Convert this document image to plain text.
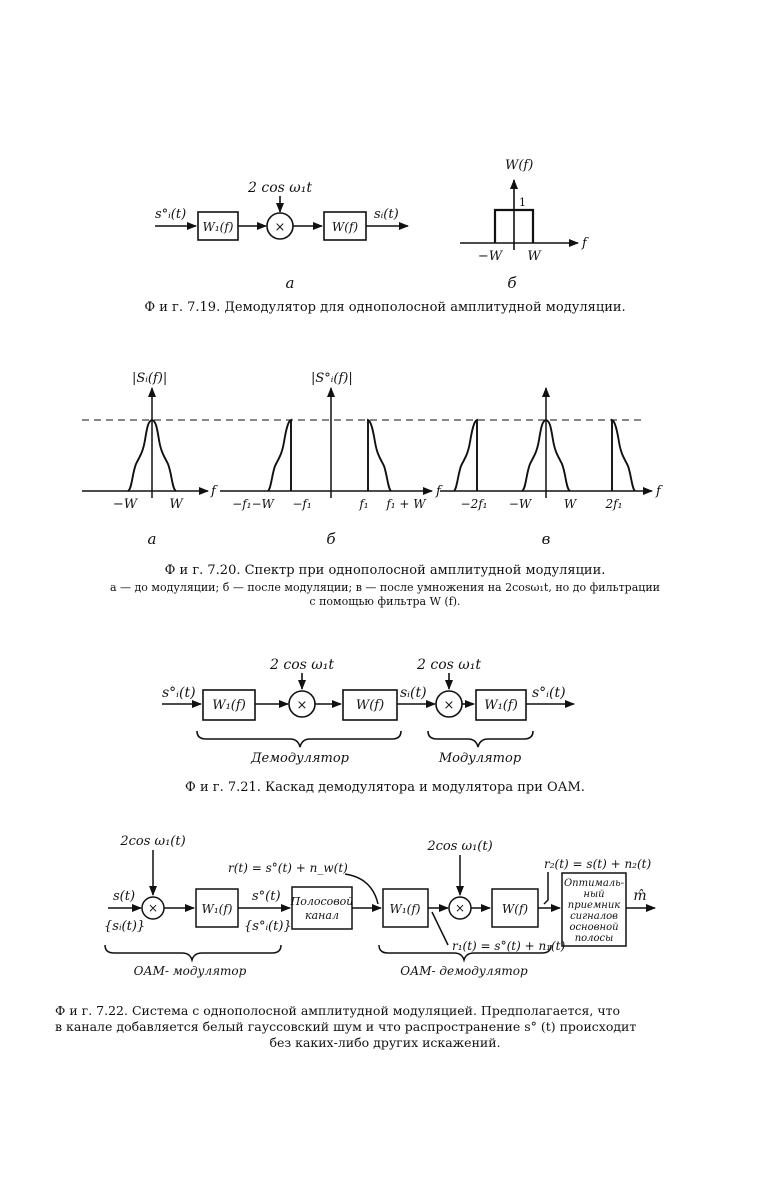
s°ᵢ(t)
W₁(f)	×
2 cos ω₁t
W(f)
sᵢ(t)
а
W(f)
1
−W W
f
б
|Sᵢ(f)|
−W W
f
а
|S°ᵢ(f)|
−f₁−W −f₁	f₁ f₁ + W
f
б
−2f₁ −W	W 2f₁
f
в
s°ᵢ(t)
W₁(f)
2 cos ω₁t
×	W(f)
sᵢ(t)
2 cos ω₁t
× W₁(f)
s°ᵢ(t)
Демодулятор	Модулятор
2cos ω₁(t)
s(t)
{sᵢ(t)}
×	W₁(f)
s°(t)
{s°ᵢ(t)}
r(t) = s°(t) + n_w(t)
Полосовой
канал
2cos ω₁(t)
W₁(f)	×	W(f)
r₁(t) = s°(t) + n₁(t)
r₂(t) = s(t) + n₂(t)
Оптималь-
ный
приемник
сигналов
основной
полосы
m̂
ОАМ- модулятор	ОАМ- демодулятор
Ф и г. 7.19. Демодулятор для однополосной амплитудной модуляции.
Ф и г. 7.20. Спектр при однополосной амплитудной модуляции.
а — до модуляции; б — после модуляции; в — после умножения на 2cosω₁t, но до фильтрации
с помощью фильтра W (f).
Ф и г. 7.21. Каскад демодулятора и модулятора при ОАМ.
Ф и г. 7.22. Система с однополосной амплитудной модуляцией. Предполагается, что
в канале добавляется белый гауссовский шум и что распространение s° (t) происходит
без каких-либо других искажений.
